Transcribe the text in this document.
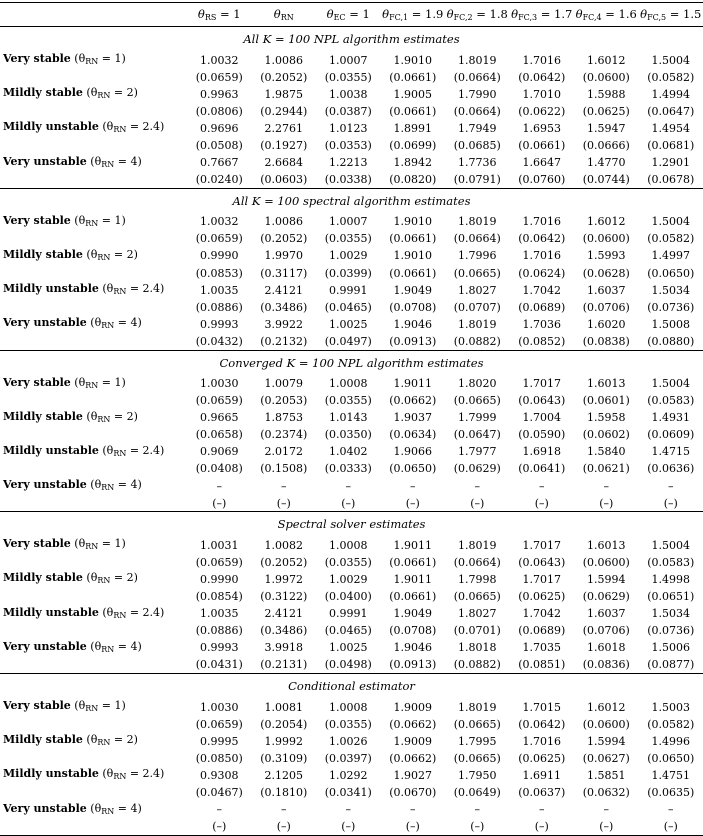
	$\theta_{RS} = 1$	$\theta_{RN}$	$\theta_{EC} = 1$	$\theta_{FC,1} = 1.9$	$\theta_{FC,2} = 1.8$	$\theta_{FC,3} = 1.7$	$\theta_{FC,4} = 1.6$	$\theta_{FC,5} = 1.5$
All K = 100 NPL algorithm estimates								
Very stable $(\theta_{RN} = 1)$	1.0032	1.0086	1.0007	1.9010	1.8019	1.7016	1.6012	1.5004
	(0.0659)	(0.2052)	(0.0355)	(0.0661)	(0.0664)	(0.0642)	(0.0600)	(0.0582)
Mildly stable $(\theta_{RN} = 2)$	0.9963	1.9875	1.0038	1.9005	1.7990	1.7010	1.5988	1.4994
	(0.0806)	(0.2944)	(0.0387)	(0.0661)	(0.0664)	(0.0622)	(0.0625)	(0.0647)
Mildly unstable $(\theta_{RN} = 2.4)$	0.9696	2.2761	1.0123	1.8991	1.7949	1.6953	1.5947	1.4954
	(0.0508)	(0.1927)	(0.0353)	(0.0699)	(0.0685)	(0.0661)	(0.0666)	(0.0681)
Very unstable $(\theta_{RN} = 4)$	0.7667	2.6684	1.2213	1.8942	1.7736	1.6647	1.4770	1.2901
	(0.0240)	(0.0603)	(0.0338)	(0.0820)	(0.0791)	(0.0760)	(0.0744)	(0.0678)
All K = 100 spectral algorithm estimates								
Very stable $(\theta_{RN} = 1)$	1.0032	1.0086	1.0007	1.9010	1.8019	1.7016	1.6012	1.5004
	(0.0659)	(0.2052)	(0.0355)	(0.0661)	(0.0664)	(0.0642)	(0.0600)	(0.0582)
Mildly stable $(\theta_{RN} = 2)$	0.9990	1.9970	1.0029	1.9010	1.7996	1.7016	1.5993	1.4997
	(0.0853)	(0.3117)	(0.0399)	(0.0661)	(0.0665)	(0.0624)	(0.0628)	(0.0650)
Mildly unstable $(\theta_{RN} = 2.4)$	1.0035	2.4121	0.9991	1.9049	1.8027	1.7042	1.6037	1.5034
	(0.0886)	(0.3486)	(0.0465)	(0.0708)	(0.0707)	(0.0689)	(0.0706)	(0.0736)
Very unstable $(\theta_{RN} = 4)$	0.9993	3.9922	1.0025	1.9046	1.8019	1.7036	1.6020	1.5008
	(0.0432)	(0.2132)	(0.0497)	(0.0913)	(0.0882)	(0.0852)	(0.0838)	(0.0880)
Converged K = 100 NPL algorithm estimates								
Very stable $(\theta_{RN} = 1)$	1.0030	1.0079	1.0008	1.9011	1.8020	1.7017	1.6013	1.5004
	(0.0659)	(0.2053)	(0.0355)	(0.0662)	(0.0665)	(0.0643)	(0.0601)	(0.0583)
Mildly stable $(\theta_{RN} = 2)$	0.9665	1.8753	1.0143	1.9037	1.7999	1.7004	1.5958	1.4931
	(0.0658)	(0.2374)	(0.0350)	(0.0634)	(0.0647)	(0.0590)	(0.0602)	(0.0609)
Mildly unstable $(\theta_{RN} = 2.4)$	0.9069	2.0172	1.0402	1.9066	1.7977	1.6918	1.5840	1.4715
	(0.0408)	(0.1508)	(0.0333)	(0.0650)	(0.0629)	(0.0641)	(0.0621)	(0.0636)
Very unstable $(\theta_{RN} = 4)$	–	–	–	–	–	–	–	–
	(–)	(–)	(–)	(–)	(–)	(–)	(–)	(–)
Spectral solver estimates								
Very stable $(\theta_{RN} = 1)$	1.0031	1.0082	1.0008	1.9011	1.8019	1.7017	1.6013	1.5004
	(0.0659)	(0.2052)	(0.0355)	(0.0661)	(0.0664)	(0.0643)	(0.0600)	(0.0583)
Mildly stable $(\theta_{RN} = 2)$	0.9990	1.9972	1.0029	1.9011	1.7998	1.7017	1.5994	1.4998
	(0.0854)	(0.3122)	(0.0400)	(0.0661)	(0.0665)	(0.0625)	(0.0629)	(0.0651)
Mildly unstable $(\theta_{RN} = 2.4)$	1.0035	2.4121	0.9991	1.9049	1.8027	1.7042	1.6037	1.5034
	(0.0886)	(0.3486)	(0.0465)	(0.0708)	(0.0701)	(0.0689)	(0.0706)	(0.0736)
Very unstable $(\theta_{RN} = 4)$	0.9993	3.9918	1.0025	1.9046	1.8018	1.7035	1.6018	1.5006
	(0.0431)	(0.2131)	(0.0498)	(0.0913)	(0.0882)	(0.0851)	(0.0836)	(0.0877)
Conditional estimator								
Very stable $(\theta_{RN} = 1)$	1.0030	1.0081	1.0008	1.9009	1.8019	1.7015	1.6012	1.5003
	(0.0659)	(0.2054)	(0.0355)	(0.0662)	(0.0665)	(0.0642)	(0.0600)	(0.0582)
Mildly stable $(\theta_{RN} = 2)$	0.9995	1.9992	1.0026	1.9009	1.7995	1.7016	1.5994	1.4996
	(0.0850)	(0.3109)	(0.0397)	(0.0662)	(0.0665)	(0.0625)	(0.0627)	(0.0650)
Mildly unstable $(\theta_{RN} = 2.4)$	0.9308	2.1205	1.0292	1.9027	1.7950	1.6911	1.5851	1.4751
	(0.0467)	(0.1810)	(0.0341)	(0.0670)	(0.0649)	(0.0637)	(0.0632)	(0.0635)
Very unstable $(\theta_{RN} = 4)$	–	–	–	–	–	–	–	–
	(–)	(–)	(–)	(–)	(–)	(–)	(–)	(–)
